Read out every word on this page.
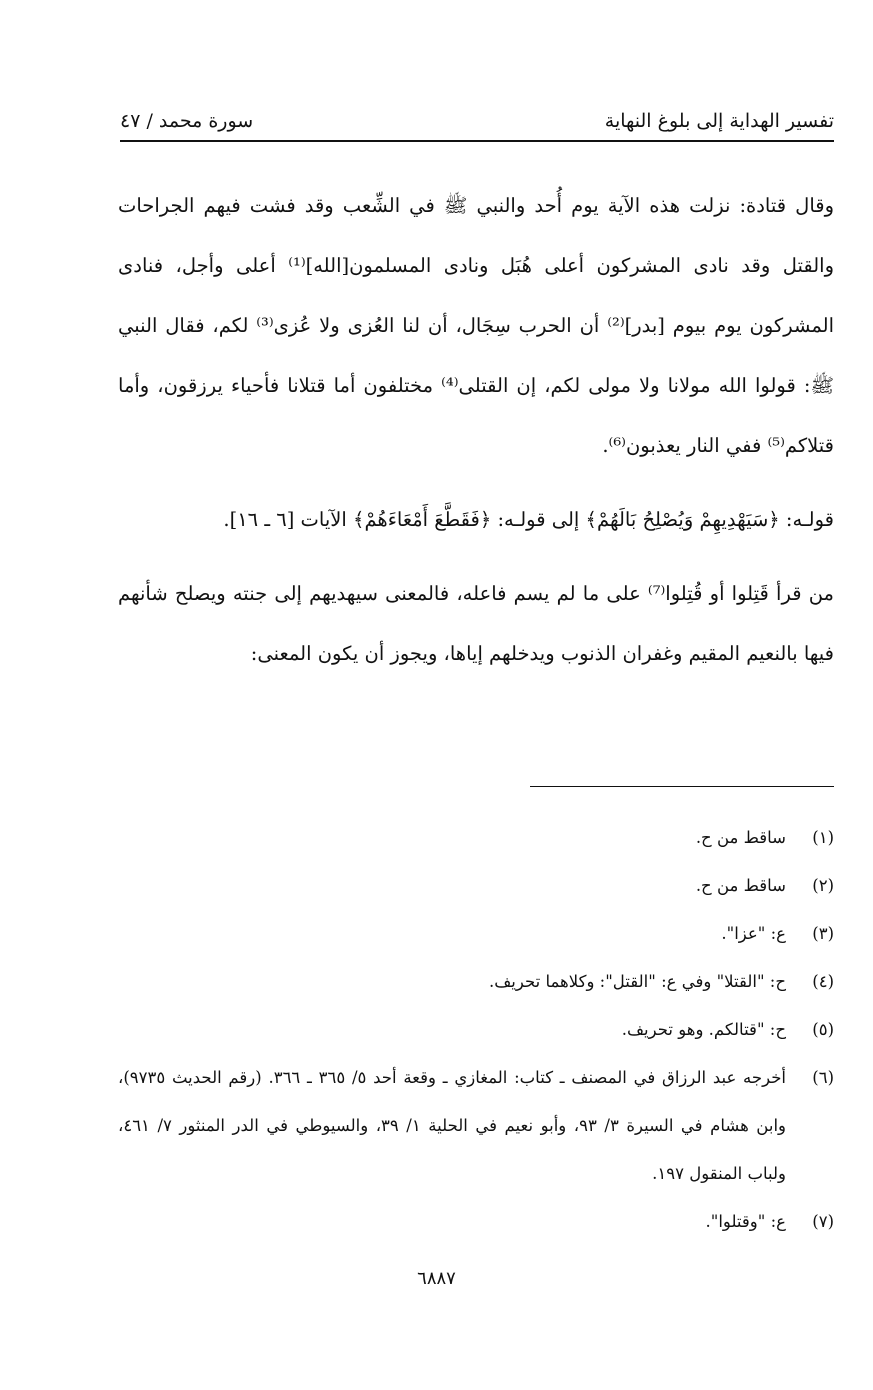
تفسير الهداية إلى بلوغ النهاية
سورة محمد / ٤٧

وقال قتادة: نزلت هذه الآية يوم أُحد والنبي ﷺ في الشِّعب وقد فشت فيهم الجراحات والقتل وقد نادى المشركون أعلى هُبَل ونادى المسلمون[الله]⁽¹⁾ أعلى وأجل، فنادى المشركون يوم بيوم [بدر]⁽²⁾ أن الحرب سِجَال، أن لنا العُزى ولا عُزى⁽³⁾ لكم، فقال النبي ﷺ: قولوا الله مولانا ولا مولى لكم، إن القتلى⁽⁴⁾ مختلفون أما قتلانا فأحياء يرزقون، وأما قتلاكم⁽⁵⁾ ففي النار يعذبون⁽⁶⁾.

قولـه: ﴿سَيَهْدِيهِمْ وَيُصْلِحُ بَالَهُمْ﴾ إلى قولـه: ﴿فَقَطَّعَ أَمْعَاءَهُمْ﴾ الآيات [٦ ـ ١٦].

من قرأ قَتِلوا أو قُتِلوا⁽⁷⁾ على ما لم يسم فاعله، فالمعنى سيهديهم إلى جنته ويصلح شأنهم فيها بالنعيم المقيم وغفران الذنوب ويدخلهم إياها، ويجوز أن يكون المعنى:

(١)
ساقط من ح.
(٢)
ساقط من ح.
(٣)
ع: "عزا".
(٤)
ح: "القتلا" وفي ع: "القتل": وكلاهما تحريف.
(٥)
ح: "قتالكم. وهو تحريف.
(٦)
أخرجه عبد الرزاق في المصنف ـ كتاب: المغازي ـ وقعة أحد ٥/ ٣٦٥ ـ ٣٦٦. (رقم الحديث ٩٧٣٥)، وابن هشام في السيرة ٣/ ٩٣، وأبو نعيم في الحلية ١/ ٣٩، والسيوطي في الدر المنثور ٧/ ٤٦١، ولباب المنقول ١٩٧.
(٧)
ع: "وقتلوا".
٦٨٨٧
